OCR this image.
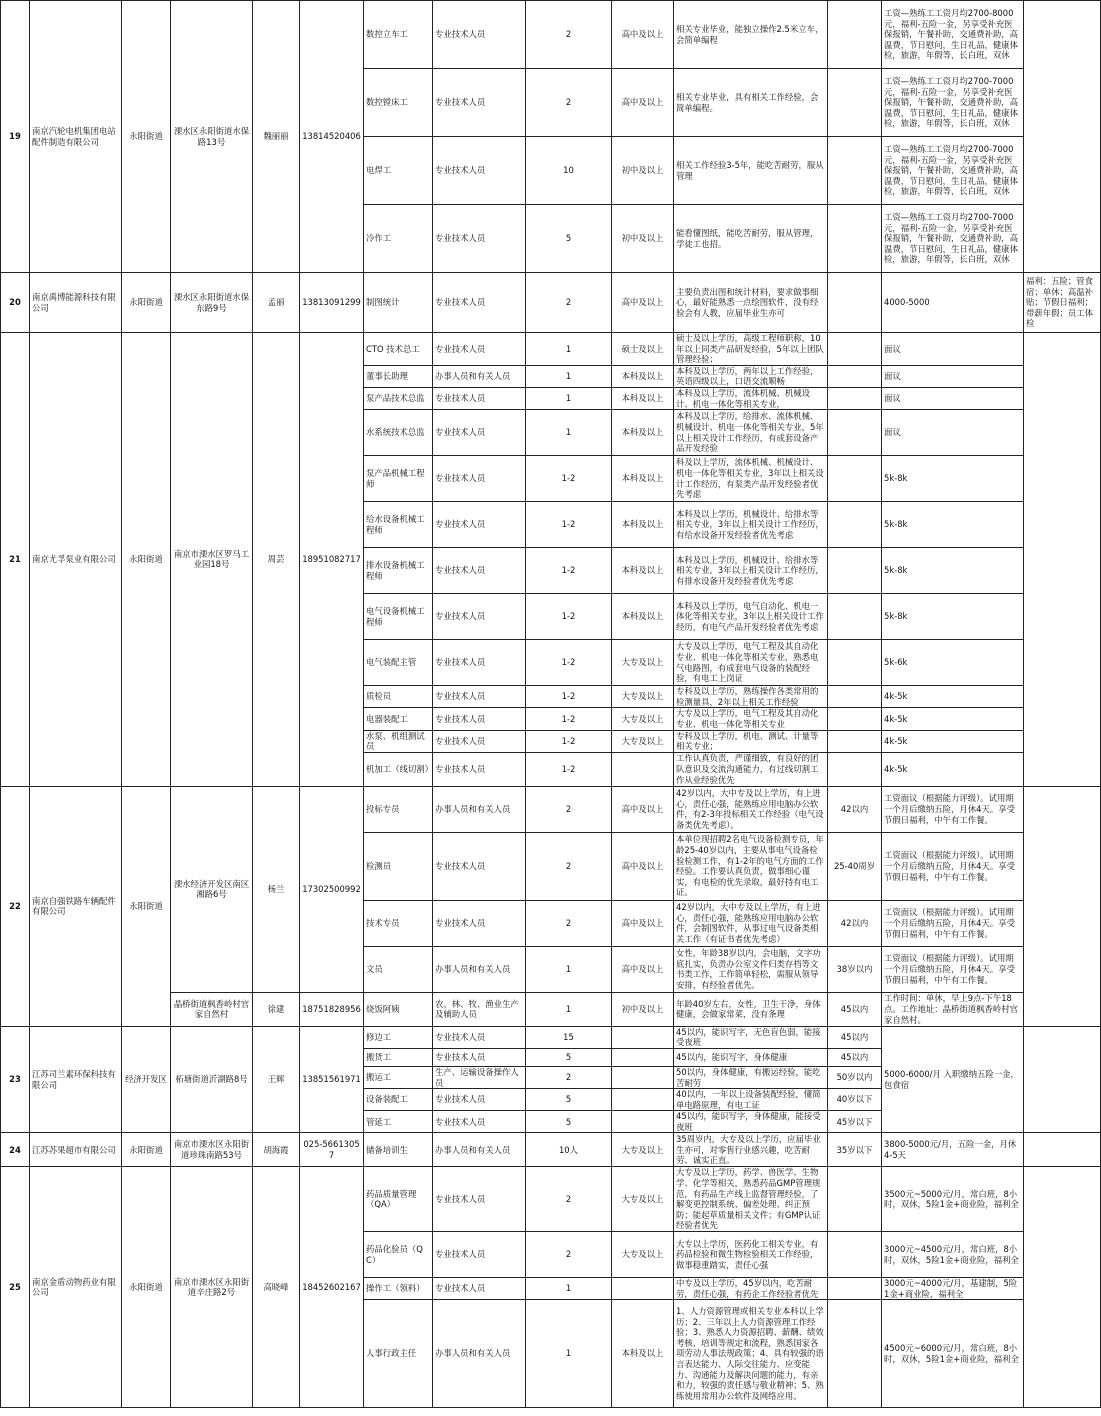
19	南京汽轮电机集团电站配件制造有限公司	永阳街道	溧水区永阳街道水保路13号	魏丽丽	13814520406	数控立车工	专业技术人员	2	高中及以上	相关专业毕业，能独立操作2.5米立车，会简单编程		工资—熟练工工资月均2700-8000元，福利-五险一金，另享受补充医保报销，午餐补助，交通费补助，高温费，节日慰问，生日礼品，健康体检，旅游，年假等，长白班，双休	
						数控镗床工	专业技术人员	2	高中及以上	相关专业毕业，具有相关工作经验，会简单编程。		工资—熟练工工资月均2700-7000元，福利-五险一金，另享受补充医保报销，午餐补助，交通费补助，高温费，节日慰问，生日礼品，健康体检，旅游，年假等，长白班，双休	
						电焊工	专业技术人员	10	初中及以上	相关工作经验3-5年，能吃苦耐劳，服从管理		工资—熟练工工资月均2700-7000元，福利-五险一金，另享受补充医保报销，午餐补助，交通费补助，高温费，节日慰问，生日礼品，健康体检，旅游，年假等，长白班，双休	
						冷作工	专业技术人员	5	初中及以上	能看懂图纸，能吃苦耐劳，服从管理，学徒工也招。		工资—熟练工工资月均2700-7000元，福利-五险一金，另享受补充医保报销，午餐补助，交通费补助，高温费，节日慰问，生日礼品，健康体检，旅游，年假等，长白班，双休	
20	南京禹博能源科技有限公司	永阳街道	溧水区永阳街道水保东路9号	孟丽	13813091299	制图统计	专业技术人员	2	高中及以上	主要负责出图和统计材料，要求做事细心，最好能熟悉一点绘图软件，没有经验会有人教，应届毕业生亦可		4000-5000	福利：五险；管食宿；单休；高温补贴；节假日福利；带薪年假；员工体检
21	南京尤孚泵业有限公司	永阳街道	南京市溧水区罗马工业园18号	周芸	18951082717	CTO 技术总工	专业技术人员	1	硕士及以上	硕士及以上学历，高级工程师职称，10年以上同类产品研发经验，5年以上团队管理经验；		面议	
						董事长助理	办事人员和有关人员	1	本科及以上	本科及以上学历，两年以上工作经验，英语四级以上，口语交流顺畅		面议	
						泵产品技术总监	专业技术人员	1	本科及以上	本科及以上学历，流体机械、机械设计、机电一体化等相关专业，		面议	
						水系统技术总监	专业技术人员	1	本科及以上	本科及以上学历，给排水、流体机械、机械设计、机电一体化等相关专业，5年以上相关设计工作经历，有成套设备产品开发经验		面议	
						泵产品机械工程师	专业技术人员	1-2	本科及以上	科及以上学历，流体机械、机械设计、机电一体化等相关专业，3年以上相关设计工作经历，有泵类产品开发经验者优先考虑		5k-8k	
						给水设备机械工程师	专业技术人员	1-2	本科及以上	本科及以上学历，机械设计、给排水等相关专业，3年以上相关设计工作经历，有给水设备开发经验者优先考虑		5k-8k	
						排水设备机械工程师	专业技术人员	1-2	本科及以上	本科及以上学历，机械设计、给排水等相关专业，3年以上相关设计工作经历，有排水设备开发经验者优先考虑		5k-8k	
						电气设备机械工程师	专业技术人员	1-2	本科及以上	本科及以上学历，电气自动化、机电一体化等相关专业，3年以上相关设计工作经历，有电气产品开发经验者优先考虑		5k-8k	
						电气装配主管	专业技术人员	1-2	大专及以上	大专及以上学历，电气工程及其自动化专业、机电一体化等相关专业，熟悉电气电路图，有成套电气设备的装配经验，有电工上岗证		5k-6k	
						质检员	专业技术人员	1-2	大专及以上	专科及以上学历，熟练操作各类常用的检测量具，2年以上相关工作经验		4k-5k	
						电器装配工	专业技术人员	1-2	大专及以上	大专及以上学历，电气工程及其自动化专业、机电一体化等相关专业		4k-5k	
						水泵、机组测试员	专业技术人员	1-2	大专及以上	专科及以上学历，机电、测试、计量等相关专业；		4k-5k	
						机加工（线切割）	专业技术人员	1-2		工作认真负责，严谨细致，有良好的团队意识及交流沟通能力，有过线切割工作从业经验优先		4k-5k	
22	南京自强铁路车辆配件有限公司	永阳街道	溧水经济开发区南区湘路6号	杨兰	17302500992	投标专员	办事人员和有关人员	2	高中及以上	42岁以内，大中专及以上学历，有上进心，责任心强，能熟练应用电脑办公软件，有2-3年投标相关工作经验（电气设备类优先考虑）。	42以内	工资面议（根据能力评级）。试用期一个月后缴纳五险，月休4天。享受节假日福利，中午有工作餐。	
						检测员	专业技术人员	2	高中及以上	本单位现招聘2名电气设备检测专员，年龄25-40岁以内，主要从事电气设备检验检测工作，有1-2年的电气方面的工作经验。工作要认真负责，做事细心谨实，有电检的优先录取，最好持有电工证。	25-40周岁	工资面议（根据能力评级）。试用期一个月后缴纳五险，月休4天。享受节假日福利，中午有工作餐。	
						技术专员	专业技术人员	2	高中及以上	42岁以内，大中专及以上学历，有上进心，责任心强，能熟练应用电脑办公软件，会制图软件，从事过电气设备类相关工作（有证书者优先考虑）	42以内	工资面议（根据能力评级）。试用期一个月后缴纳五险，月休4天。享受节假日福利，中午有工作餐。	
						文员	办事人员和有关人员	1	高中及以上	女性，年龄38岁以内，会电脑，文字功底扎实，负责办公室文件归类存档等文书类工作，工作简单轻松，需服从领导安排，有经验者优先。	38岁以内	工资面议（根据能力评级）。试用期一个月后缴纳五险，月休4天。享受节假日福利，中午有工作餐。	
			晶桥街道枫香岭村官家自然村	徐建	18751828956	烧饭阿姨	农、林、牧、渔业生产及辅助人员	1	初中及以上	年龄40岁左右，女性，卫生干净，身体健康，会做家常菜，没有条理	45以内	工作时间：单休，早上9点-下午18点。工作地址：晶桥街道枫香岭村官家自然村。	
23	江苏司兰素环保科技有限公司	经济开发区	柘塘街道沂湖路8号	王辉	13851561971	修边工	专业技术人员	15		45以内，能识写字，无色盲色弱，能接受夜班	45以内	5000-6000/月 入职缴纳五险一金，包食宿	
						搬货工	专业技术人员	5		45以内，能识写字，身体健康	45以内		
						搬运工	生产、运输设备操作人员	2		50以内，身体健康，有搬运经验，能吃苦耐劳	50岁以内		
						设备装配工	专业技术人员	5		40以内，一年以上设备装配经验，懂简单电路原理，有电工证	40岁以下		
						管延工	专业技术人员	5		45以内，能识写字，身体健康，能接受夜班	45岁以下		
24	江苏苏果超市有限公司	永阳街道	南京市溧水区永阳街道珍珠南路53号	胡海霞	025-56613057	储备培训生	办事人员和有关人员	10人	大专及以上	35周岁内，大专及以上学历，应届毕业生亦可，对零售行业感兴趣，吃苦耐劳、诚实正直。	35岁以下	3800-5000元/月，五险一金，月休4-5天	
25	南京金盾动物药业有限公司	永阳街道	南京市溧水区永阳街道辛庄路2号	高晓峰	18452602167	药品质量管理（QA）	专业技术人员	2	大专及以上	大专及以上学历，药学、兽医学、生物学、化学等相关，熟悉药品GMP管理规范，有药品生产线上监督管理经验，了解变更控制系统、偏差处理、纠正预防；能起草质量相关文件；有GMP认证经验者优先		3500元~5000元/月，常白班，8小时，双休，5险1金+商业险，福利全	
						药品化验员（QC）	专业技术人员	2	大专及以上	大专以上学历，医药化工相关专业，有药品检验和微生物检验相关工作经验，做事稳重踏实，责任心强		3000元~4500元/月，常白班，8小时，双休，5险1金+商业险，福利全	
						操作工（领料）	专业技术人员	1		中专及以上学历，45岁以内，吃苦耐劳，责任心强，有药企工作经验者优先		3000元~4000元/月，基建制，5险1金+商业险，福利全	
						人事行政主任	办事人员和有关人员	1	本科及以上	1、人力资源管理或相关专业本科以上学历；2、三年以上人力资源管理工作经验；3、熟悉人力资源招聘、薪酬、绩效考核、培训等规定和流程，熟悉国家各项劳动人事法规政策；4、具有较强的语言表达能力、人际交往能力、应变能力、沟通能力及解决问题的能力，有亲和力，较强的责任感与敬业精神；5、熟练使用常用办公软件及网络应用。		4500元~6000元/月，常白班，8小时，双休，5险1金+商业险，福利全	
